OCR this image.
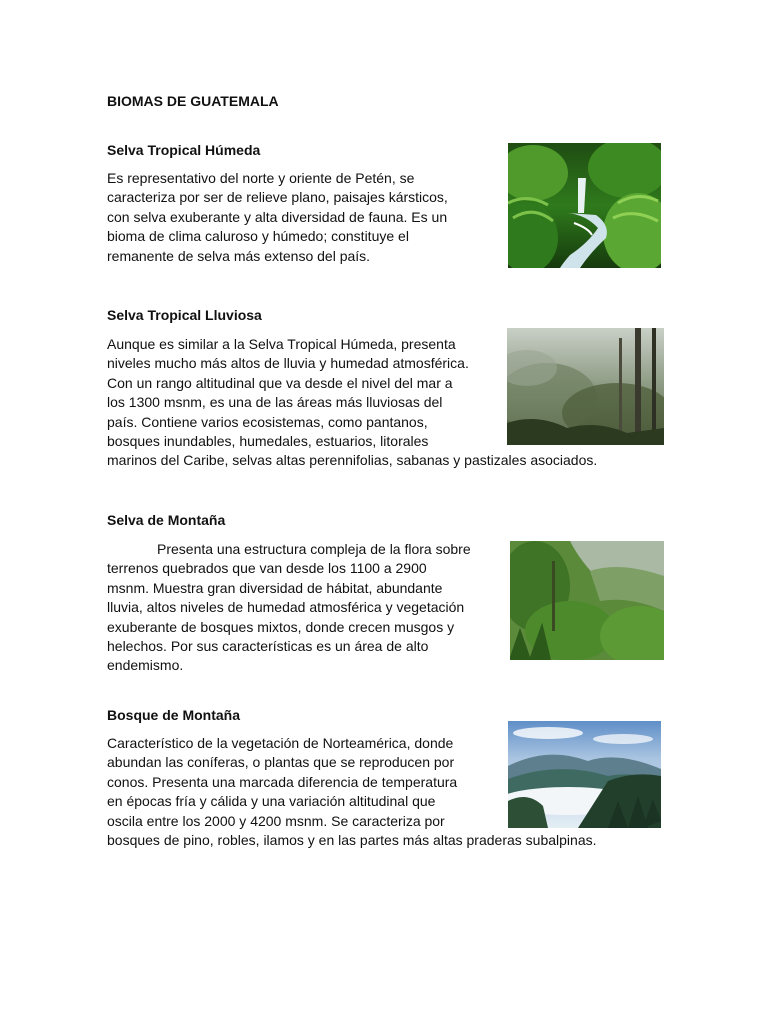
BIOMAS DE GUATEMALA
Selva Tropical Húmeda
Es representativo del norte y oriente de Petén, se
caracteriza por ser de relieve plano, paisajes kársticos,
con selva exuberante y alta diversidad de fauna. Es un
bioma de clima caluroso y húmedo; constituye el
remanente de selva más extenso del país.
Selva Tropical Lluviosa
Aunque es similar a la Selva Tropical Húmeda, presenta
niveles mucho más altos de lluvia y humedad atmosférica.
Con un rango altitudinal que va desde el nivel del mar a
los 1300 msnm, es una de las áreas más lluviosas del
país. Contiene varios ecosistemas, como pantanos,
bosques inundables, humedales, estuarios, litorales
marinos del Caribe, selvas altas perennifolias, sabanas y pastizales asociados.
Selva de Montaña
Presenta una estructura compleja de la flora sobre
terrenos quebrados que van desde los 1100 a 2900
msnm. Muestra gran diversidad de hábitat, abundante
lluvia, altos niveles de humedad atmosférica y vegetación
exuberante de bosques mixtos, donde crecen musgos y
helechos. Por sus características es un área de alto
endemismo.
Bosque de Montaña
Característico de la vegetación de Norteamérica, donde
abundan las coníferas, o plantas que se reproducen por
conos. Presenta una marcada diferencia de temperatura
en épocas fría y cálida y una variación altitudinal que
oscila entre los 2000 y 4200 msnm. Se caracteriza por
bosques de pino, robles, ilamos y en las partes más altas praderas subalpinas.
